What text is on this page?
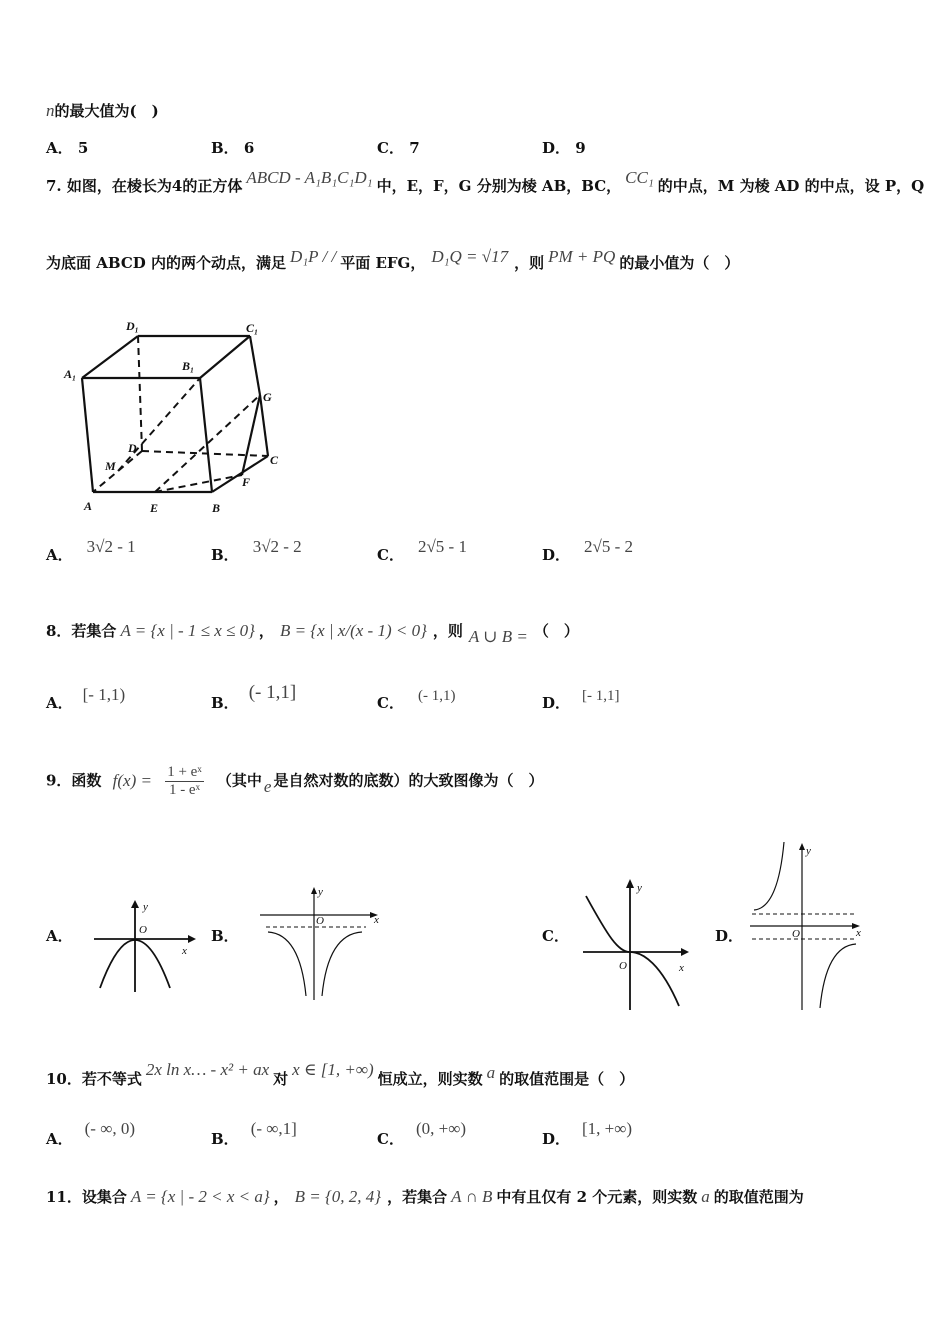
n的最大值为(　)
A． 5	B． 6	C． 7	D． 9
7. 如图，在棱长为4的正方体 ABCD - A₁B₁C₁D₁ 中，E，F，G 分别为棱 AB，BC， CC₁ 的中点，M 为棱 AD 的中点，设 P，Q
为底面 ABCD 内的两个动点，满足 D₁P / / 平面 EFG， D₁Q = √17 ，则 PM + PQ 的最小值为（　）
D₁	C₁
A₁
B₁
G
D
C
M
F
A	E	B
A． 3√2 - 1	B． 3√2 - 2	C． 2√5 - 1	D． 2√5 - 2
8．若集合 A = {x | - 1 ≤ x ≤ 0} ， B = {x | x/(x - 1) < 0} ，则 A ∪ B = （　）
A． [- 1,1)	B． (- 1,1]	C． (- 1,1)	D． [- 1,1]
9．函数 $f(x) = \frac{\text{1 + eˣ}}{\text{1 - eˣ}}$ （其中 e 是自然对数的底数）的大致图像为（　）
A．	B．	C．	D．
y
O
x
y
O	x
y
O	x
y
O	x
10．若不等式 2x ln x… - x² + ax 对 x ∈ [1, +∞) 恒成立，则实数 a 的取值范围是（　）
A．(- ∞, 0)
B．(- ∞,1]
C．(0, +∞)
D．[1, +∞)
11．设集合 A = {x | - 2 < x < a} ， B = {0, 2, 4} ，若集合 A ∩ B 中有且仅有 2 个元素，则实数 a 的取值范围为
